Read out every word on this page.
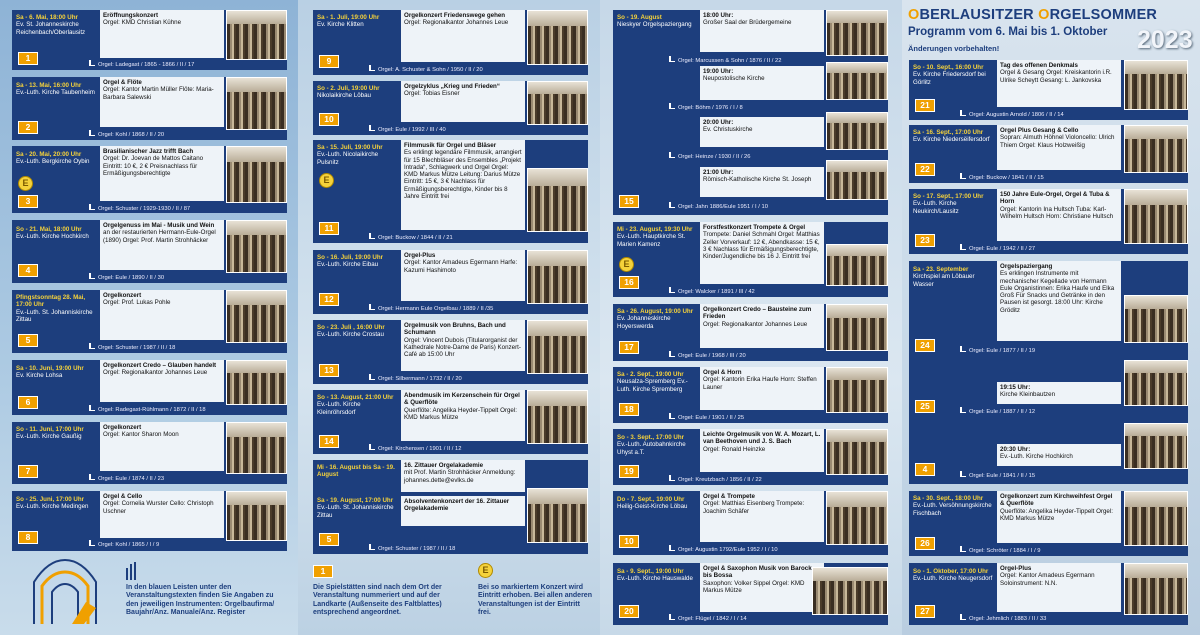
OBERLAUSITZER ORGELSOMMER
Programm vom 6. Mai bis 1. Oktober 2023
Änderungen vorbehalten!
Sa - 6. Mai, 18:00 Uhr
Ev. St. Johanneskirche Reichenbach/Oberlausitz
Eröffnungskonzert
Orgel: KMD Christian Kühne
1
Orgel: Ladegast / 1865 - 1866 / II / 17
Sa - 13. Mai, 16:00 Uhr
Ev.-Luth. Kirche Taubenheim
Orgel & Flöte
Orgel: Kantor Martin Müller Flöte: Maria-Barbara Salewski
2
Orgel: Kohl / 1868 / II / 20
Sa - 20. Mai, 20:00 Uhr
Ev.-Luth. Bergkirche Oybin
E
Brasilianischer Jazz trifft Bach
Orgel: Dr. Joevan de Mattos Caitano Eintritt: 10 €, 2 € Preisnachlass für Ermäßigungsberechtigte
3
Orgel: Schuster / 1929-1930 / II / 87
So - 21. Mai, 18:00 Uhr
Ev.-Luth. Kirche Hochkirch
Orgelgenuss im Mai - Musik und Wein
an der restaurierten Hermann-Eule-Orgel (1890) Orgel: Prof. Martin Strohhäcker
4
Orgel: Eule / 1890 / II / 30
Pfingstsonntag 28. Mai, 17:00 Uhr
Ev.-Luth. St. Johanniskirche Zittau
Orgelkonzert
Orgel: Prof. Lukas Pohle
5
Orgel: Schuster / 1987 / II / 18
Sa - 10. Juni, 19:00 Uhr
Ev. Kirche Lohsa
Orgelkonzert Credo – Glauben handelt
Orgel: Regionalkantor Johannes Leue
6
Orgel: Radegast-Rühlmann / 1872 / II / 18
So - 11. Juni, 17:00 Uhr
Ev.-Luth. Kirche Gaußig
Orgelkonzert
Orgel: Kantor Sharon Moon
7
Orgel: Eule / 1874 / II / 23
So - 25. Juni, 17:00 Uhr
Ev.-Luth. Kirche Medingen
Orgel & Cello
Orgel: Cornelia Wurster Cello: Christoph Uschner
8
Orgel: Kohl / 1865 / I / 9
In den blauen Leisten unter den Veranstaltungstexten finden Sie Angaben zu den jeweiligen Instrumenten: Orgelbaufirma/ Baujahr/Anz. Manuale/Anz. Register
1
Die Spielstätten sind nach dem Ort der Veranstaltung nummeriert und auf der Landkarte (Außenseite des Faltblattes) entsprechend angeordnet.
E
Bei so markiertem Konzert wird Eintritt erhoben. Bei allen anderen Veranstaltungen ist der Eintritt frei.
Sa - 1. Juli, 19:00 Uhr
Ev. Kirche Klitten
Orgelkonzert Friedenswege gehen
Orgel: Regionalkantor Johannes Leue
9
Orgel: A. Schuster & Sohn / 1950 / II / 20
So - 2. Juli, 19:00 Uhr
Nikolaikirche Löbau
Orgelzyklus „Krieg und Frieden“
Orgel: Tobias Eisner
10
Orgel: Eule / 1992 / III / 40
Sa - 15. Juli, 19:00 Uhr
Ev.-Luth. Nicolaikirche Pulsnitz
E
Filmmusik für Orgel und Bläser
Es erklingt legendäre Filmmusik, arrangiert für 15 Blechbläser des Ensembles „Projekt Intrada“, Schlagwerk und Orgel Orgel: KMD Markus Mütze Leitung: Darius Mütze Eintritt: 15 €, 3 € Nachlass für Ermäßigungsberechtigte, Kinder bis 8 Jahre Eintritt frei
11
Orgel: Buckow / 1844 / II / 21
So - 16. Juli, 19:00 Uhr
Ev.-Luth. Kirche Eibau
Orgel-Plus
Orgel: Kantor Amadeus Egermann Harfe: Kazumi Hashimoto
12
Orgel: Hermann Eule Orgelbau / 1889 / II /35
So - 23. Juli , 16:00 Uhr
Ev.-Luth. Kirche Crostau
Orgelmusik von Bruhns, Bach und Schumann
Orgel: Vincent Dubois (Titularorganist der Kathedrale Notre-Dame de Paris) Konzert-Café ab 15:00 Uhr
13
Orgel: Silbermann / 1732 / II / 20
So - 13. August, 21:00 Uhr
Ev.-Luth. Kirche Kleinröhrsdorf
Abendmusik im Kerzenschein für Orgel & Querflöte
Querflöte: Angelika Heyder-Tippelt Orgel: KMD Markus Mütze
14
Orgel: Kirchensen / 1901 / II / 12
Mi - 16. August bis Sa - 19. August
16. Zittauer Orgelakademie
mit Prof. Martin Strohhäcker Anmeldung: johannes.dette@evlks.de
Sa - 19. August, 17:00 Uhr
Ev.-Luth. St. Johanniskirche Zittau
Absolventenkonzert der 16. Zittauer Orgelakademie
5
Orgel: Schuster / 1987 / II / 18
So - 19. August
Nieskyer Orgelspaziergang
18:00 Uhr:
Großer Saal der Brüdergemeine
Orgel: Marcussen & Sohn / 1876 / II / 22
19:00 Uhr:
Neupostolische Kirche
Orgel: Böhm / 1976 / I / 8
20:00 Uhr:
Ev. Christuskirche
Orgel: Heinze / 1930 / II / 26
21:00 Uhr:
Römisch-Katholische Kirche St. Joseph
15
Orgel: Jahn 1886/Eule 1951 / I / 10
Mi - 23. August, 19:30 Uhr
Ev.-Luth. Hauptkirche St. Marien Kamenz
E
Forstfestkonzert Trompete & Orgel
Trompete: Daniel Schmahl Orgel: Matthias Zeller Vorverkauf: 12 €, Abendkasse: 15 €, 3 € Nachlass für Ermäßigungsberechtigte, Kinder/Jugendliche bis 16 J. Eintritt frei
16
Orgel: Walcker / 1891 / III / 42
Sa - 26. August, 19:00 Uhr
Ev. Johanneskirche Hoyerswerda
Orgelkonzert Credo – Bausteine zum Frieden
Orgel: Regionalkantor Johannes Leue
17
Orgel: Eule / 1968 / III / 20
Sa - 2. Sept., 19:00 Uhr
Neusalza-Spremberg Ev.-Luth. Kirche Spremberg
Orgel & Horn
Orgel: Kantorin Erika Haufe Horn: Steffen Launer
18
Orgel: Eule / 1901 / II / 25
So - 3. Sept., 17:00 Uhr
Ev.-Luth. Autobahnkirche Uhyst a.T.
Leichte Orgelmusik von W. A. Mozart, L. van Beethoven und J. S. Bach
Orgel: Ronald Heinzke
19
Orgel: Kreutzbach / 1856 / II / 22
Do - 7. Sept., 19:00 Uhr
Heilig-Geist-Kirche Löbau
Orgel & Trompete
Orgel: Matthias Eisenberg Trompete: Joachim Schäfer
10
Orgel: Augustin 1792/Eule 1952 / I / 10
Sa - 9. Sept., 19:00 Uhr
Ev.-Luth. Kirche Hauswalde
Orgel & Saxophon Musik von Barock bis Bossa
Saxophon: Volker Sippel Orgel: KMD Markus Mütze
20
Orgel: Flügel / 1842 / I / 14
So - 10. Sept., 16:00 Uhr
Ev. Kirche Friedersdorf bei Görlitz
Tag des offenen Denkmals
Orgel & Gesang Orgel: Kreiskantorin i.R. Ulrike Scheytt Gesang: L. Jankovska
21
Orgel: Augustin Arnold / 1806 / II / 14
Sa - 16. Sept., 17:00 Uhr
Ev. Kirche Niedersëifersdorf
Orgel Plus Gesang & Cello
Sopran: Almuth Höhnel Violoncello: Ulrich Thiem Orgel: Klaus Holzweißig
22
Orgel: Buckow / 1841 / II / 15
So - 17. Sept., 17:00 Uhr
Ev.-Luth. Kirche Neukirch/Lausitz
150 Jahre Eule-Orgel, Orgel & Tuba & Horn
Orgel: Kantorin Ina Hultsch Tuba: Karl-Wilhelm Hultsch Horn: Christiane Hultsch
23
Orgel: Eule / 1942 / II / 27
Sa - 23. September
Kirchspiel am Löbauer Wasser
Orgelspaziergang
Es erklingen Instrumente mit mechanischer Kegellade von Hermann Eule Organistinnen: Erika Haufe und Elka Groß Für Snacks und Getränke in den Pausen ist gesorgt. 18:00 Uhr: Kirche Gröditz
24
Orgel: Eule / 1877 / II / 19
19:15 Uhr:
Kirche Kleinbautzen
25
Orgel: Eule / 1887 / II / 12
20:30 Uhr:
Ev.-Luth. Kirche Hochkirch
4
Orgel: Eule / 1841 / II / 15
Sa - 30. Sept., 18:00 Uhr
Ev.-Luth. Versöhnungskirche Fischbach
Orgelkonzert zum Kirchweihfest Orgel & Querflöte
Querflöte: Angelika Heyder-Tippelt Orgel: KMD Markus Mütze
26
Orgel: Schröter / 1884 / I / 9
So - 1. Oktober, 17:00 Uhr
Ev.-Luth. Kirche Neugersdorf
Orgel-Plus
Orgel: Kantor Amadeus Egermann Soloinstrument: N.N.
27
Orgel: Jehmlich / 1883 / II / 33
